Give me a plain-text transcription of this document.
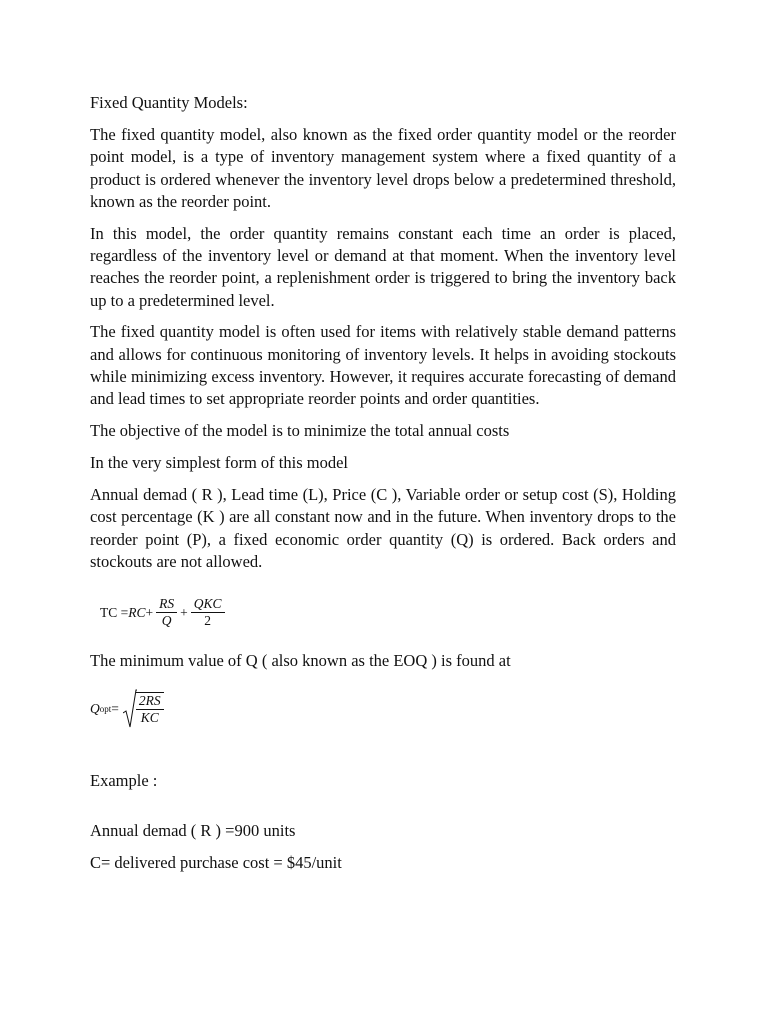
Fixed Quantity Models:

The fixed quantity model, also known as the fixed order quantity model or the reorder point model, is a type of inventory management system where a fixed quantity of a product is ordered whenever the inventory level drops below a predetermined threshold, known as the reorder point.

In this model, the order quantity remains constant each time an order is placed, regardless of the inventory level or demand at that moment. When the inventory level reaches the reorder point, a replenishment order is triggered to bring the inventory back up to a predetermined level.

The fixed quantity model is often used for items with relatively stable demand patterns and allows for continuous monitoring of inventory levels. It helps in avoiding stockouts while minimizing excess inventory. However, it requires accurate forecasting of demand and lead times to set appropriate reorder points and order quantities.

The objective of the model is to minimize the total annual costs

In the very simplest form of this model

Annual demad ( R ), Lead time (L), Price (C ), Variable order or setup cost (S), Holding cost percentage (K ) are all constant now and in the future. When inventory drops to the reorder point (P), a fixed economic order quantity (Q) is ordered. Back orders and stockouts are not allowed.

TC = RC + $\frac{RS}{Q} + \frac{\text{QKC}}{2}$

The minimum value of Q ( also known as the EOQ ) is found at

Q opt = $\frac{2RS}{KC}$

Example :

Annual demad ( R ) =900 units

C= delivered purchase cost = $45/unit
